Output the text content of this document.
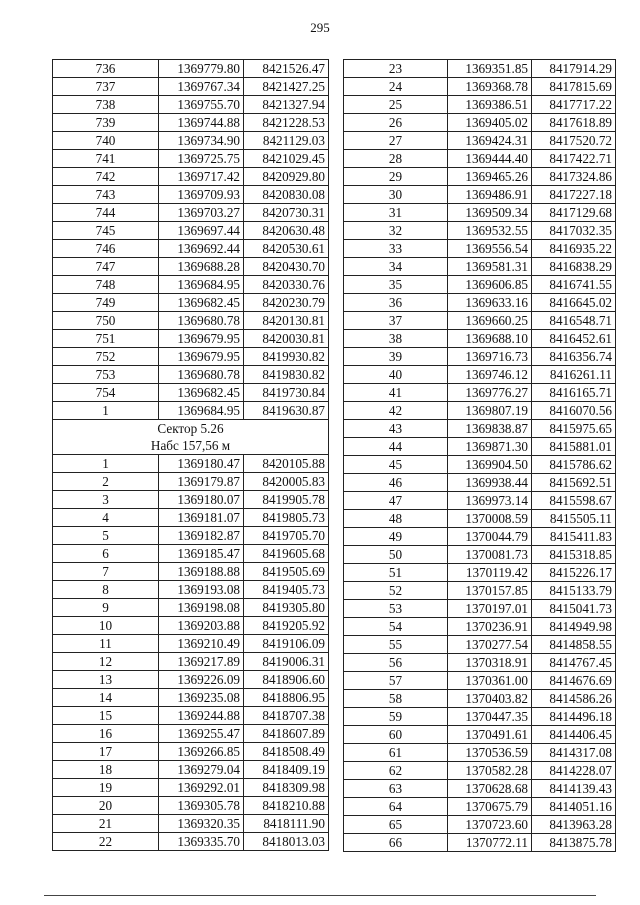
295
736	1369779.80	8421526.47
737	1369767.34	8421427.25
738	1369755.70	8421327.94
739	1369744.88	8421228.53
740	1369734.90	8421129.03
741	1369725.75	8421029.45
742	1369717.42	8420929.80
743	1369709.93	8420830.08
744	1369703.27	8420730.31
745	1369697.44	8420630.48
746	1369692.44	8420530.61
747	1369688.28	8420430.70
748	1369684.95	8420330.76
749	1369682.45	8420230.79
750	1369680.78	8420130.81
751	1369679.95	8420030.81
752	1369679.95	8419930.82
753	1369680.78	8419830.82
754	1369682.45	8419730.84
1	1369684.95	8419630.87
Сектор 5.26		
Набс 157,56 м		
1	1369180.47	8420105.88
2	1369179.87	8420005.83
3	1369180.07	8419905.78
4	1369181.07	8419805.73
5	1369182.87	8419705.70
6	1369185.47	8419605.68
7	1369188.88	8419505.69
8	1369193.08	8419405.73
9	1369198.08	8419305.80
10	1369203.88	8419205.92
11	1369210.49	8419106.09
12	1369217.89	8419006.31
13	1369226.09	8418906.60
14	1369235.08	8418806.95
15	1369244.88	8418707.38
16	1369255.47	8418607.89
17	1369266.85	8418508.49
18	1369279.04	8418409.19
19	1369292.01	8418309.98
20	1369305.78	8418210.88
21	1369320.35	8418111.90
22	1369335.70	8418013.03
23	1369351.85	8417914.29
24	1369368.78	8417815.69
25	1369386.51	8417717.22
26	1369405.02	8417618.89
27	1369424.31	8417520.72
28	1369444.40	8417422.71
29	1369465.26	8417324.86
30	1369486.91	8417227.18
31	1369509.34	8417129.68
32	1369532.55	8417032.35
33	1369556.54	8416935.22
34	1369581.31	8416838.29
35	1369606.85	8416741.55
36	1369633.16	8416645.02
37	1369660.25	8416548.71
38	1369688.10	8416452.61
39	1369716.73	8416356.74
40	1369746.12	8416261.11
41	1369776.27	8416165.71
42	1369807.19	8416070.56
43	1369838.87	8415975.65
44	1369871.30	8415881.01
45	1369904.50	8415786.62
46	1369938.44	8415692.51
47	1369973.14	8415598.67
48	1370008.59	8415505.11
49	1370044.79	8415411.83
50	1370081.73	8415318.85
51	1370119.42	8415226.17
52	1370157.85	8415133.79
53	1370197.01	8415041.73
54	1370236.91	8414949.98
55	1370277.54	8414858.55
56	1370318.91	8414767.45
57	1370361.00	8414676.69
58	1370403.82	8414586.26
59	1370447.35	8414496.18
60	1370491.61	8414406.45
61	1370536.59	8414317.08
62	1370582.28	8414228.07
63	1370628.68	8414139.43
64	1370675.79	8414051.16
65	1370723.60	8413963.28
66	1370772.11	8413875.78
